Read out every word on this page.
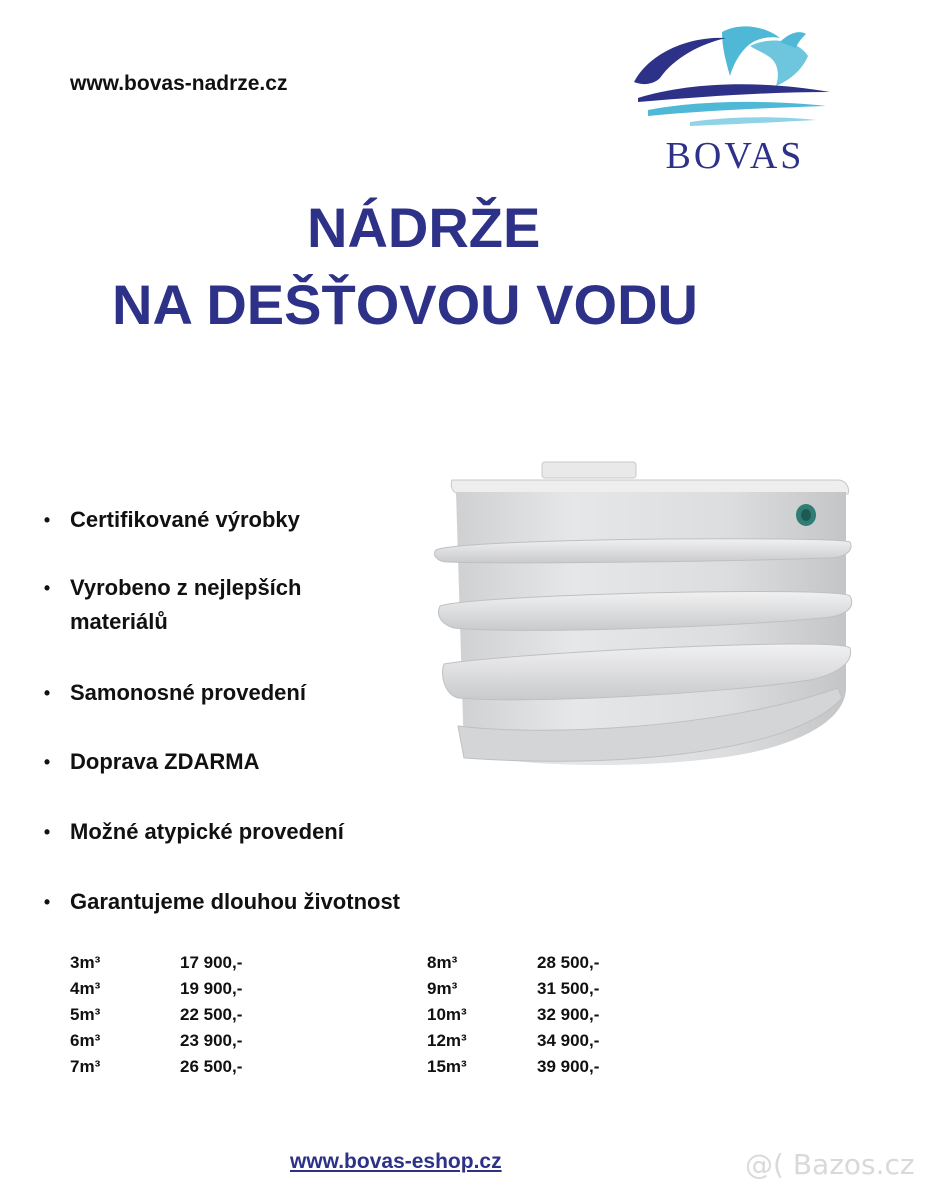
www.bovas-nadrze.cz
BOVAS
NÁDRŽE
NA DEŠŤOVOU VODU
• Certifikované výrobky
• Vyrobeno z nejlepších materiálů
• Samonosné provedení
• Doprava ZDARMA
• Možné atypické provedení
• Garantujeme dlouhou životnost
3m³	17 900,-
4m³	19 900,-
5m³	22 500,-
6m³	23 900,-
7m³	26 500,-
8m³	28 500,-
9m³	31 500,-
10m³	32 900,-
12m³	34 900,-
15m³	39 900,-
www.bovas-eshop.cz	@( Bazos.cz
